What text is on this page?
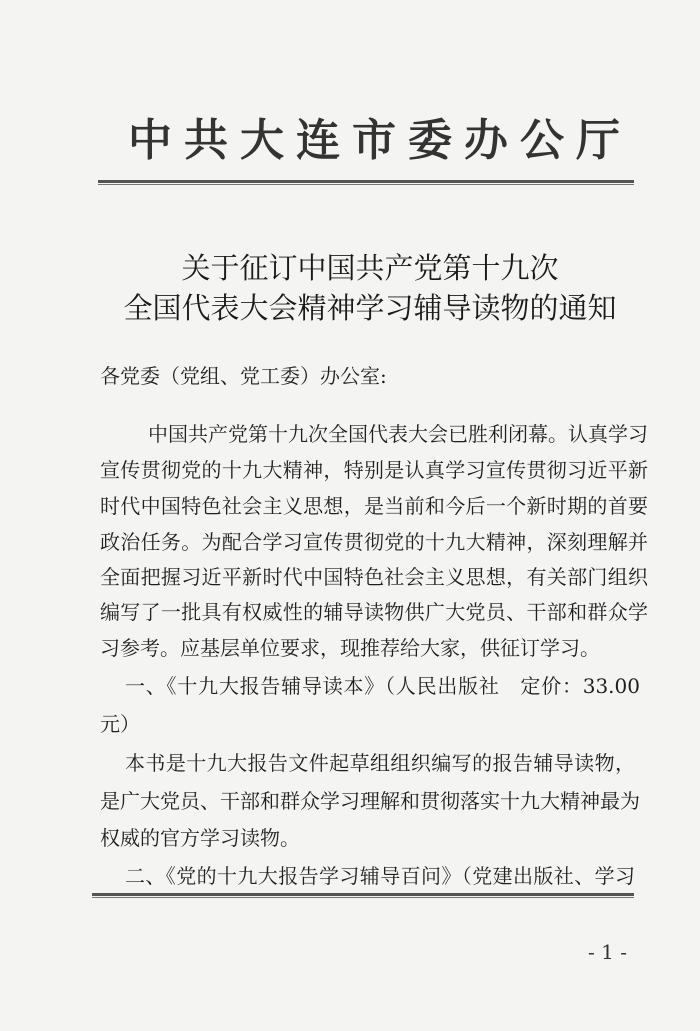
中共大连市委办公厅
关于征订中国共产党第十九次
全国代表大会精神学习辅导读物的通知
各党委（党组、党工委）办公室:
中国共产党第十九次全国代表大会已胜利闭幕。认真学习
宣传贯彻党的十九大精神，特别是认真学习宣传贯彻习近平新
时代中国特色社会主义思想，是当前和今后一个新时期的首要
政治任务。为配合学习宣传贯彻党的十九大精神，深刻理解并
全面把握习近平新时代中国特色社会主义思想，有关部门组织
编写了一批具有权威性的辅导读物供广大党员、干部和群众学
习参考。应基层单位要求，现推荐给大家，供征订学习。
一、《十九大报告辅导读本》（人民出版社　定价：33.00
元）
本书是十九大报告文件起草组组织编写的报告辅导读物，
是广大党员、干部和群众学习理解和贯彻落实十九大精神最为
权威的官方学习读物。
二、《党的十九大报告学习辅导百问》（党建出版社、学习
- 1 -
